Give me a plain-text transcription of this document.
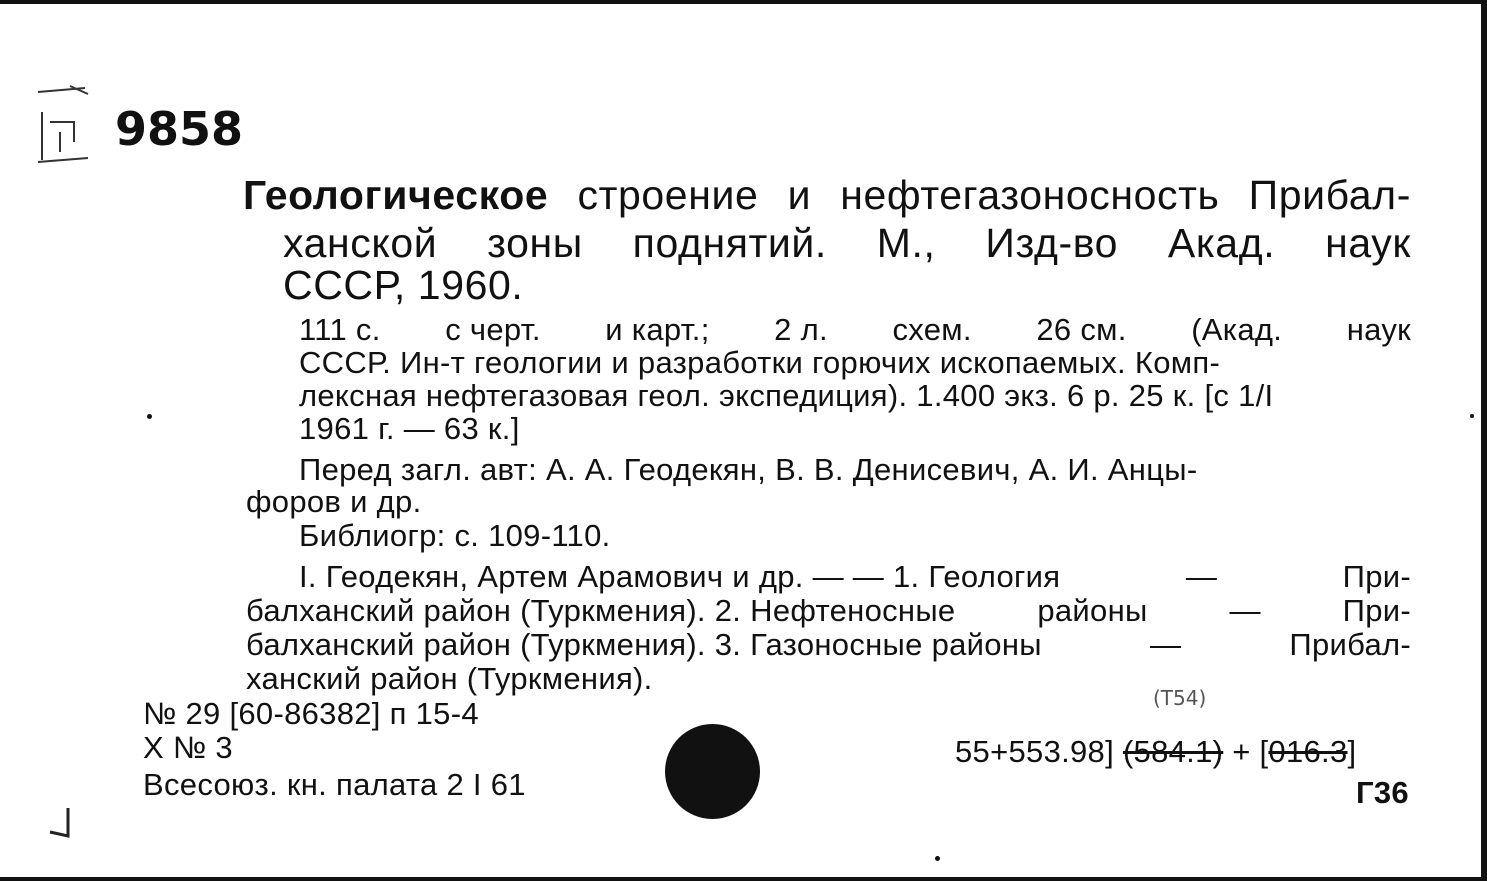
9858
Геологическое строение и нефтегазоносность Прибал-
ханской зоны поднятий. М., Изд-во Акад. наук
СССР, 1960.
111 с. с черт. и карт.; 2 л. схем. 26 см. (Акад. наук
СССР. Ин-т геологии и разработки горючих ископаемых. Комп-
лексная нефтегазовая геол. экспедиция). 1.400 экз. 6 р. 25 к. [с 1/I
1961 г. — 63 к.]
Перед загл. авт: А. А. Геодекян, В. В. Денисевич, А. И. Анцы-
форов и др.
Библиогр: с. 109-110.
I. Геодекян, Артем Арамович и др. — — 1. Геология	—	При-
балханский район (Туркмения). 2. Нефтеносные	районы	—	При-
балханский район (Туркмения). 3. Газоносные районы	—	Прибал-
ханский район (Туркмения).
№ 29 [60-86382] п 15-4
X № 3
Всесоюз. кн. палата 2 I 61
(Т54)
55+553.98] (584.1) + [016.3]
Г36
